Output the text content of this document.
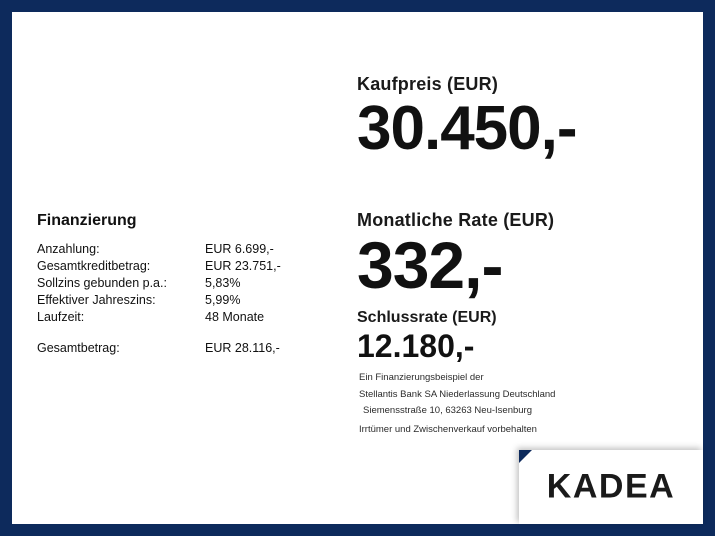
Finanzierung
Anzahlung:	EUR 6.699,-
Gesamtkreditbetrag:	EUR 23.751,-
Sollzins gebunden p.a.:	5,83%
Effektiver Jahreszins:	5,99%
Laufzeit:	48 Monate

Gesamtbetrag:	EUR 28.116,-
Kaufpreis (EUR)
30.450,-
Monatliche Rate (EUR)
332,-
Schlussrate (EUR)
12.180,-
Ein Finanzierungsbeispiel der
Stellantis Bank SA Niederlassung Deutschland
Siemensstraße 10, 63263 Neu-Isenburg
Irrtümer und Zwischenverkauf vorbehalten
KADEA
